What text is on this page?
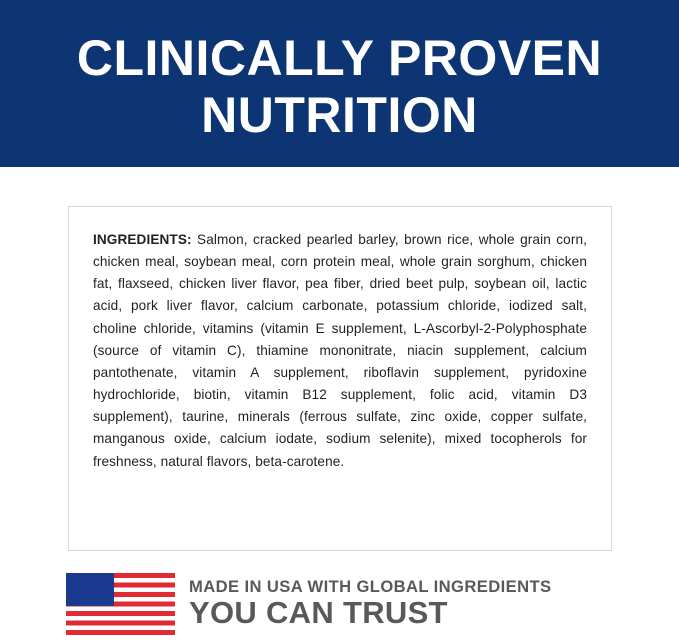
CLINICALLY PROVEN
NUTRITION

INGREDIENTS: Salmon, cracked pearled barley, brown rice, whole grain corn, chicken meal, soybean meal, corn protein meal, whole grain sorghum, chicken fat, flaxseed, chicken liver flavor, pea fiber, dried beet pulp, soybean oil, lactic acid, pork liver flavor, calcium carbonate, potassium chloride, iodized salt, choline chloride, vitamins (vitamin E supplement, L-Ascorbyl-2-Polyphosphate (source of vitamin C), thiamine mononitrate, niacin supplement, calcium pantothenate, vitamin A supplement, riboflavin supplement, pyridoxine hydrochloride, biotin, vitamin B12 supplement, folic acid, vitamin D3 supplement), taurine, minerals (ferrous sulfate, zinc oxide, copper sulfate, manganous oxide, calcium iodate, sodium selenite), mixed tocopherols for freshness, natural flavors, beta-carotene.

MADE IN USA WITH GLOBAL INGREDIENTS
YOU CAN TRUST
